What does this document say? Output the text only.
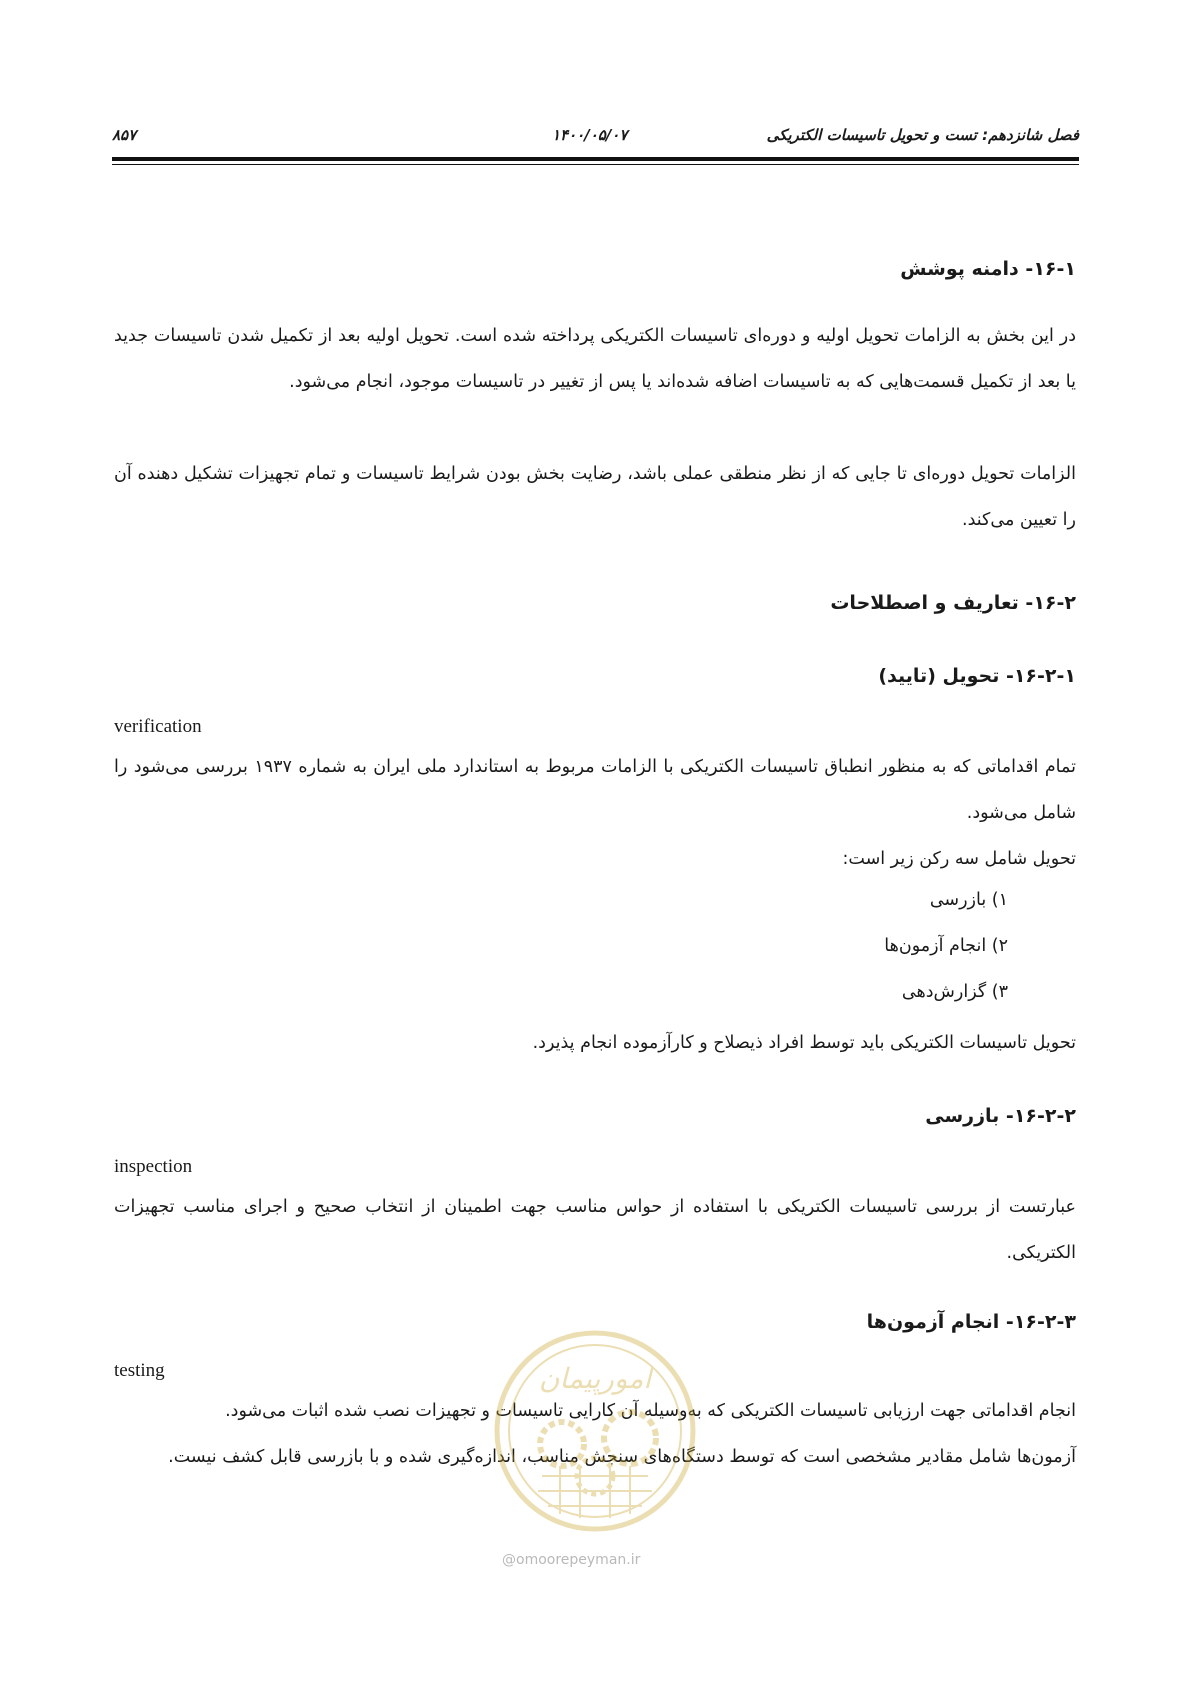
فصل شانزدهم: تست و تحویل تاسیسات الکتریکی
۱۴۰۰/۰۵/۰۷
۸۵۷
۱۶-۱- دامنه پوشش
در این بخش به الزامات تحویل اولیه و دوره‌ای تاسیسات الکتریکی پرداخته شده است. تحویل اولیه بعد از تکمیل شدن تاسیسات جدید یا بعد از تکمیل قسمت‌هایی که به تاسیسات اضافه شده‌اند یا پس از تغییر در تاسیسات موجود، انجام می‌شود.
الزامات تحویل دوره‌ای تا جایی که از نظر منطقی عملی باشد، رضایت بخش بودن شرایط تاسیسات و تمام تجهیزات تشکیل دهنده آن را تعیین می‌کند.
۱۶-۲- تعاریف و اصطلاحات
۱۶-۲-۱- تحویل (تایید)
verification
تمام اقداماتی که به منظور انطباق تاسیسات الکتریکی با الزامات مربوط به استاندارد ملی ایران به شماره ۱۹۳۷ بررسی می‌شود را شامل می‌شود.
تحویل شامل سه رکن زیر است:
۱) بازرسی
۲) انجام آزمون‌ها
۳) گزارش‌دهی
تحویل تاسیسات الکتریکی باید توسط افراد ذیصلاح و کارآزموده انجام پذیرد.
۱۶-۲-۲- بازرسی
inspection
عبارتست از بررسی تاسیسات الکتریکی با استفاده از حواس مناسب جهت اطمینان از انتخاب صحیح و اجرای مناسب تجهیزات الکتریکی.
۱۶-۲-۳- انجام آزمون‌ها
testing
انجام اقداماتی جهت ارزیابی تاسیسات الکتریکی که به‌وسیله آن کارایی تاسیسات و تجهیزات نصب شده اثبات می‌شود.
آزمون‌ها شامل مقادیر مشخصی است که توسط دستگاه‌های سنجش مناسب، اندازه‌گیری شده و با بازرسی قابل کشف نیست.
امورپیمان
@omoorepeyman.ir
